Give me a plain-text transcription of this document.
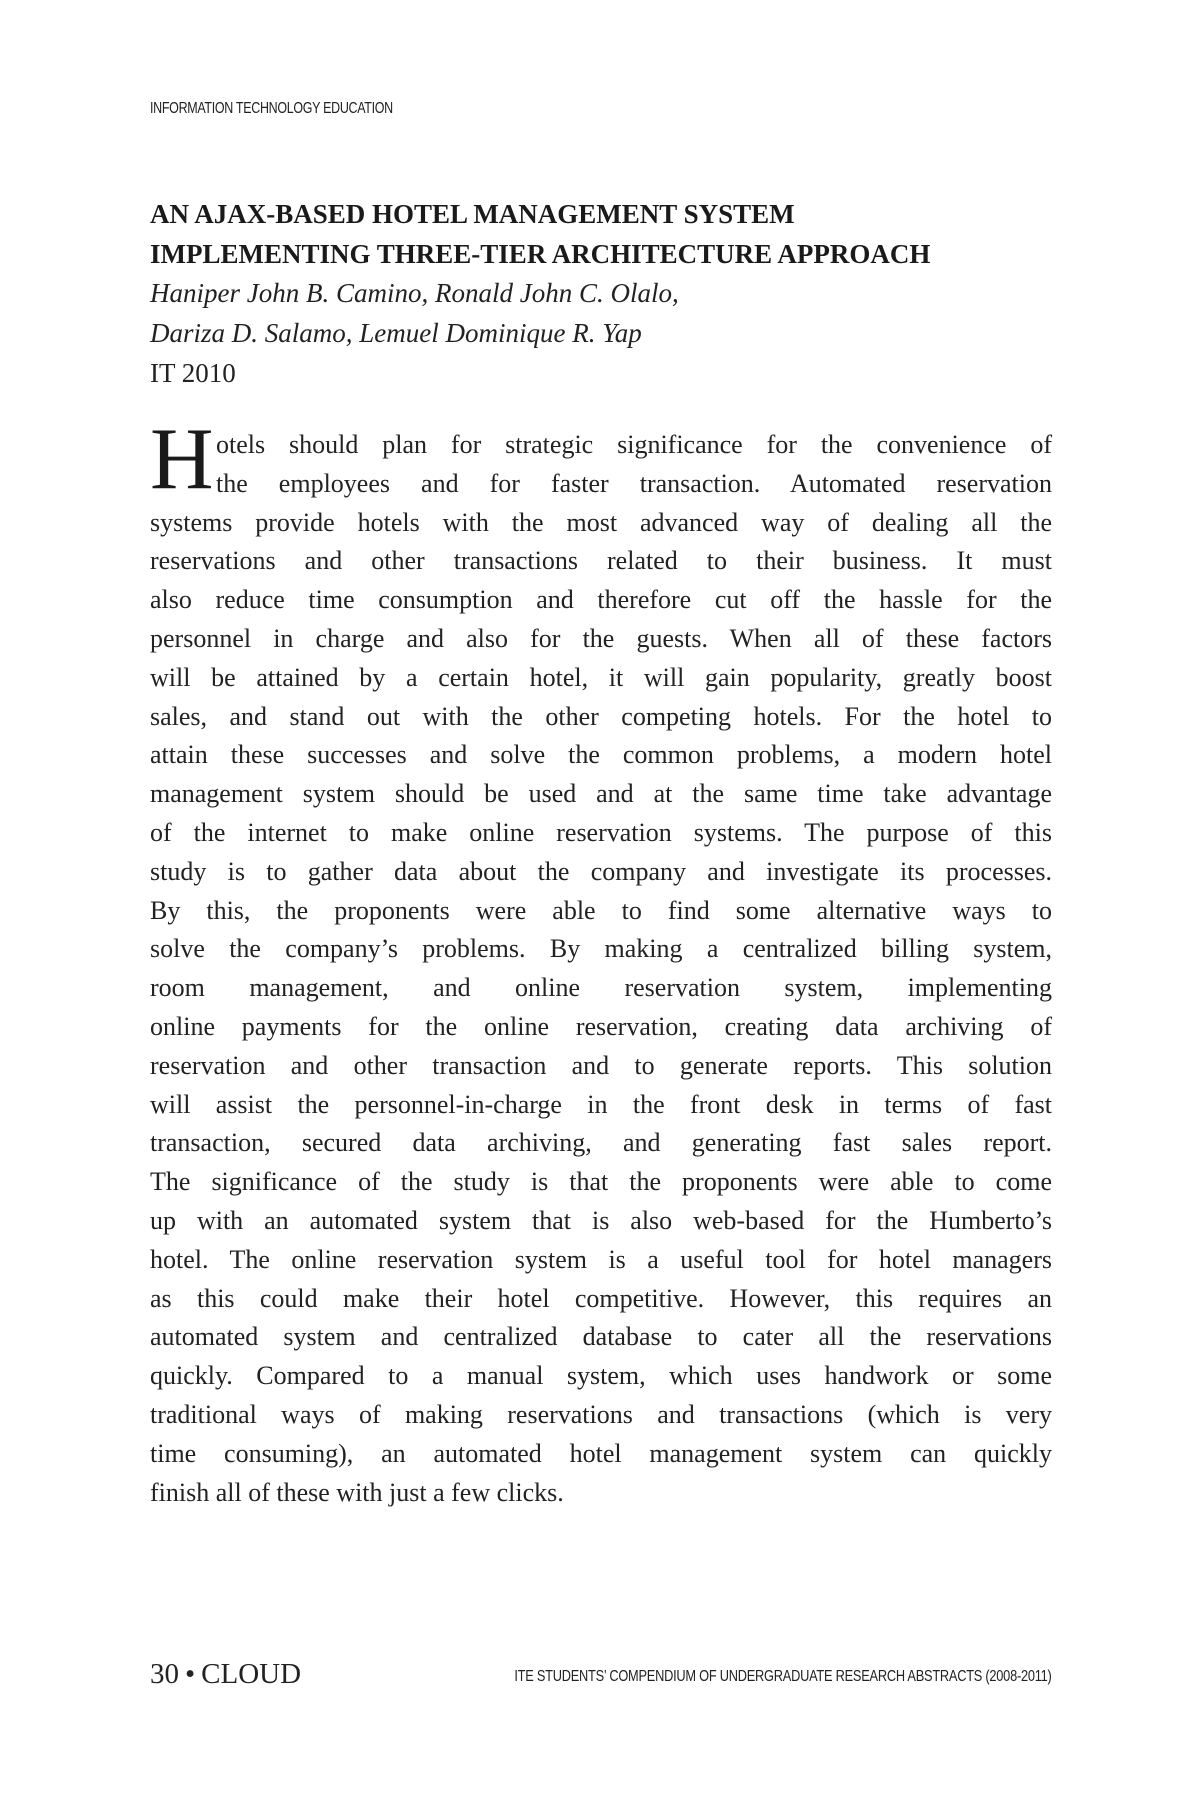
INFORMATION TECHNOLOGY EDUCATION
AN AJAX-BASED HOTEL MANAGEMENT SYSTEM
IMPLEMENTING THREE-TIER ARCHITECTURE APPROACH
Haniper John B. Camino, Ronald John C. Olalo,
Dariza D. Salamo, Lemuel Dominique R. Yap
IT 2010
H otels should plan for strategic significance for the convenience of
the employees and for faster transaction. Automated reservation
systems provide hotels with the most advanced way of dealing all the
reservations and other transactions related to their business. It must
also reduce time consumption and therefore cut off the hassle for the
personnel in charge and also for the guests. When all of these factors
will be attained by a certain hotel, it will gain popularity, greatly boost
sales, and stand out with the other competing hotels. For the hotel to
attain these successes and solve the common problems, a modern hotel
management system should be used and at the same time take advantage
of the internet to make online reservation systems. The purpose of this
study is to gather data about the company and investigate its processes.
By this, the proponents were able to find some alternative ways to
solve the company’s problems. By making a centralized billing system,
room management, and online reservation system, implementing
online payments for the online reservation, creating data archiving of
reservation and other transaction and to generate reports. This solution
will assist the personnel-in-charge in the front desk in terms of fast
transaction, secured data archiving, and generating fast sales report.
The significance of the study is that the proponents were able to come
up with an automated system that is also web-based for the Humberto’s
hotel. The online reservation system is a useful tool for hotel managers
as this could make their hotel competitive. However, this requires an
automated system and centralized database to cater all the reservations
quickly. Compared to a manual system, which uses handwork or some
traditional ways of making reservations and transactions (which is very
time consuming), an automated hotel management system can quickly
finish all of these with just a few clicks.
30 • CLOUD	ITE STUDENTS’ COMPENDIUM OF UNDERGRADUATE RESEARCH ABSTRACTS (2008-2011)
